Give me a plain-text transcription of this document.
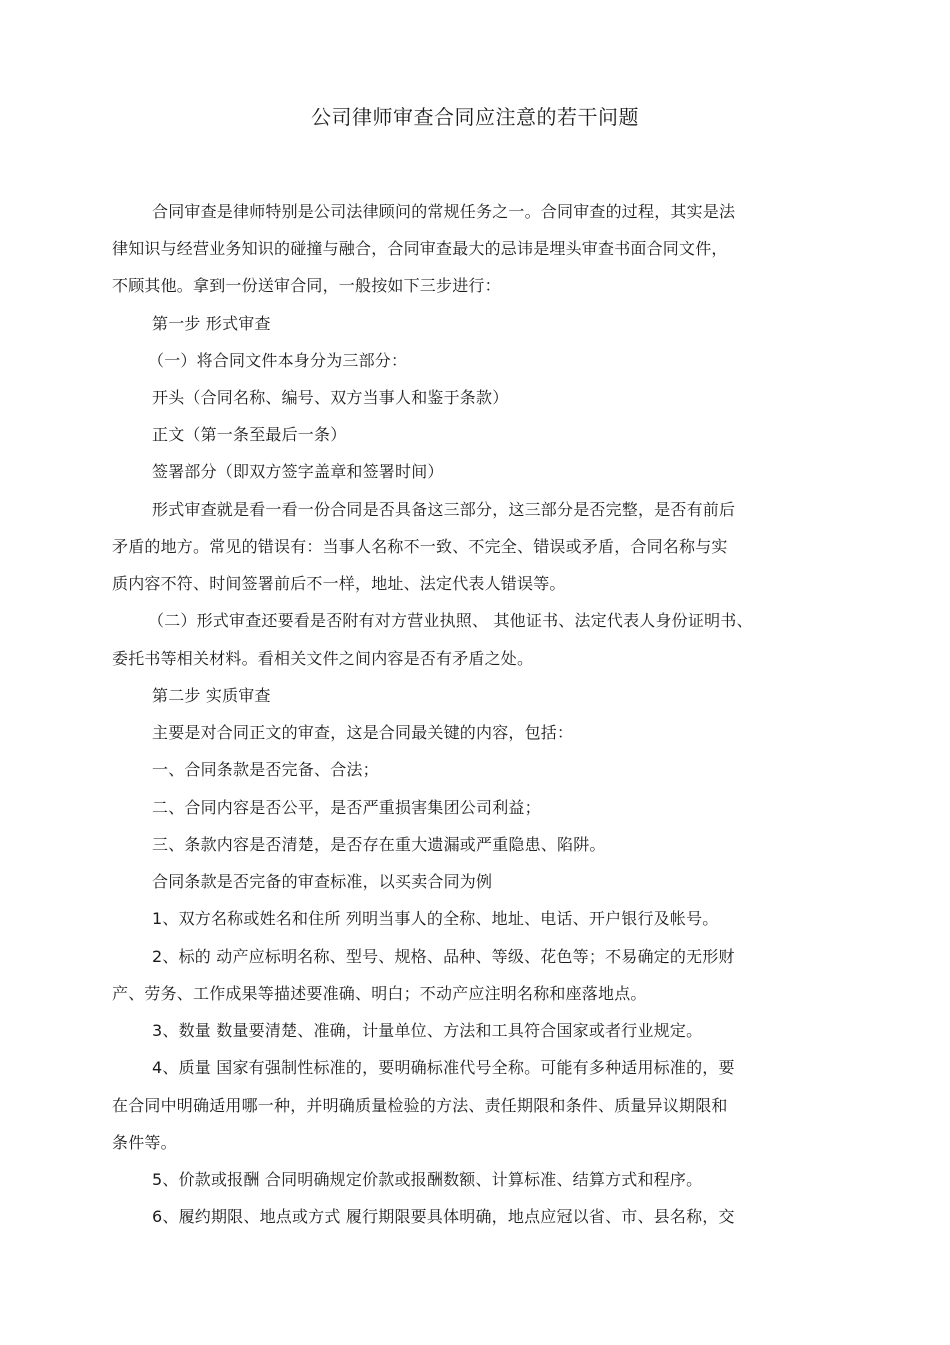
公司律师审查合同应注意的若干问题
合同审查是律师特别是公司法律顾问的常规任务之一。合同审查的过程，其实是法
律知识与经营业务知识的碰撞与融合，合同审查最大的忌讳是埋头审查书面合同文件，
不顾其他。拿到一份送审合同，一般按如下三步进行：
第一步 形式审查
（一）将合同文件本身分为三部分：
开头（合同名称、编号、双方当事人和鉴于条款）
正文（第一条至最后一条）
签署部分（即双方签字盖章和签署时间）
形式审查就是看一看一份合同是否具备这三部分，这三部分是否完整，是否有前后
矛盾的地方。常见的错误有：当事人名称不一致、不完全、错误或矛盾，合同名称与实
质内容不符、时间签署前后不一样，地址、法定代表人错误等。
（二）形式审查还要看是否附有对方营业执照、 其他证书、法定代表人身份证明书、
委托书等相关材料。看相关文件之间内容是否有矛盾之处。
第二步 实质审查
主要是对合同正文的审查，这是合同最关键的内容，包括：
一、合同条款是否完备、合法；
二、合同内容是否公平，是否严重损害集团公司利益；
三、条款内容是否清楚，是否存在重大遗漏或严重隐患、陷阱。
合同条款是否完备的审查标准，以买卖合同为例
1、双方名称或姓名和住所 列明当事人的全称、地址、电话、开户银行及帐号。
2、标的 动产应标明名称、型号、规格、品种、等级、花色等；不易确定的无形财
产、劳务、工作成果等描述要准确、明白；不动产应注明名称和座落地点。
3、数量 数量要清楚、准确，计量单位、方法和工具符合国家或者行业规定。
4、质量 国家有强制性标准的，要明确标准代号全称。可能有多种适用标准的，要
在合同中明确适用哪一种，并明确质量检验的方法、责任期限和条件、质量异议期限和
条件等。
5、价款或报酬 合同明确规定价款或报酬数额、计算标准、结算方式和程序。
6、履约期限、地点或方式 履行期限要具体明确，地点应冠以省、市、县名称，交
